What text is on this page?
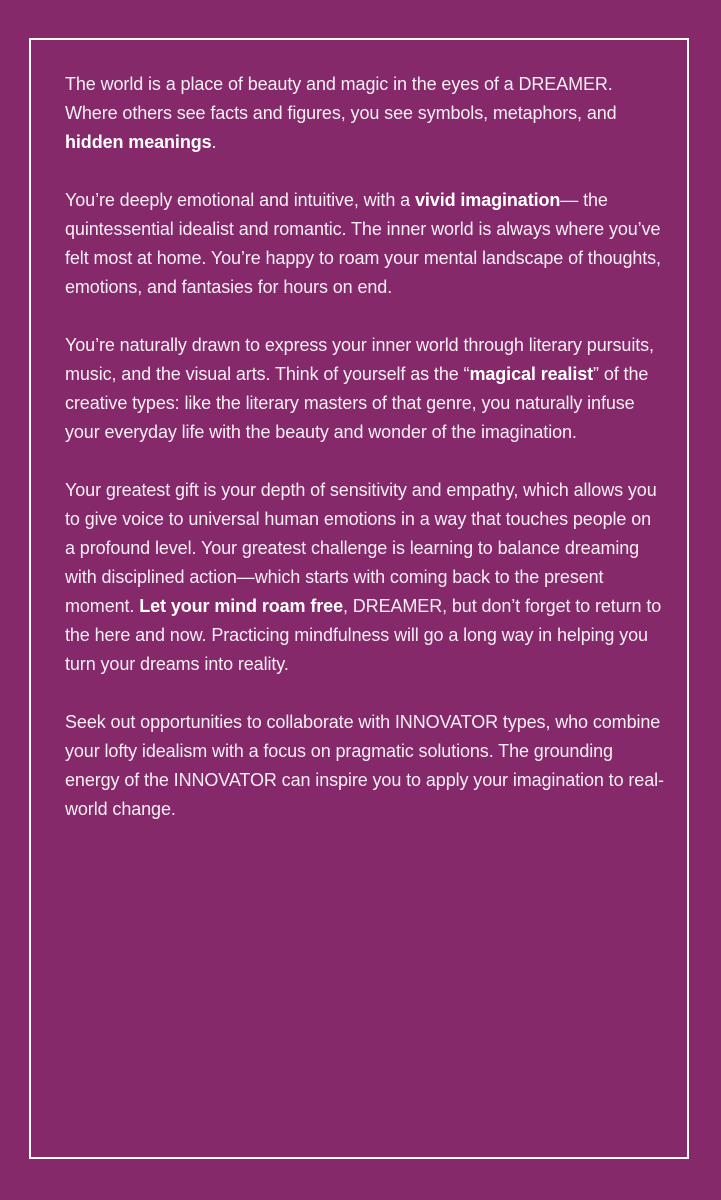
The world is a place of beauty and magic in the eyes of a DREAMER. Where others see facts and figures, you see symbols, metaphors, and hidden meanings.

You’re deeply emotional and intuitive, with a vivid imagination— the quintessential idealist and romantic. The inner world is always where you’ve felt most at home. You’re happy to roam your mental landscape of thoughts, emotions, and fantasies for hours on end.

You’re naturally drawn to express your inner world through literary pursuits, music, and the visual arts. Think of yourself as the “magical realist” of the creative types: like the literary masters of that genre, you naturally infuse your everyday life with the beauty and wonder of the imagination.

Your greatest gift is your depth of sensitivity and empathy, which allows you to give voice to universal human emotions in a way that touches people on a profound level. Your greatest challenge is learning to balance dreaming with disciplined action—which starts with coming back to the present moment. Let your mind roam free, DREAMER, but don’t forget to return to the here and now. Practicing mindfulness will go a long way in helping you turn your dreams into reality.

Seek out opportunities to collaborate with INNOVATOR types, who combine your lofty idealism with a focus on pragmatic solutions. The grounding energy of the INNOVATOR can inspire you to apply your imagination to real-world change.
